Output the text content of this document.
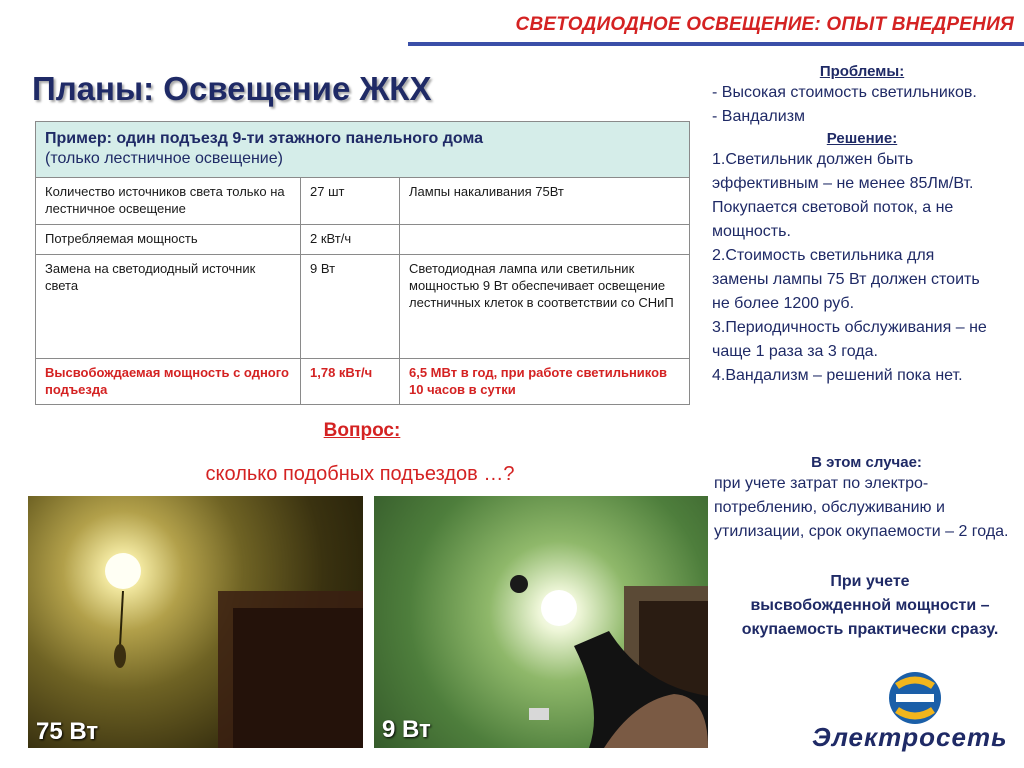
СВЕТОДИОДНОЕ ОСВЕЩЕНИЕ: ОПЫТ ВНЕДРЕНИЯ
Планы: Освещение ЖКХ
Пример: один подъезд 9-ти этажного панельного дома
(только лестничное освещение)		
Количество источников света только на лестничное освещение	27 шт	Лампы накаливания 75Вт
Потребляемая мощность	2 кВт/ч	
Замена на светодиодный источник света	9 Вт	Светодиодная лампа или светильник мощностью 9 Вт обеспечивает освещение лестничных клеток в соответствии со СНиП
Высвобождаемая мощность с одного подъезда	1,78 кВт/ч	6,5 МВт в год, при работе светильников 10 часов в сутки
Вопрос:
сколько подобных подъездов …?
75 Вт	9 Вт
Проблемы:
- Высокая стоимость светильников.
- Вандализм
Решение:
1.Светильник должен быть
эффективным – не менее 85Лм/Вт.
Покупается световой поток, а не
мощность.
2.Стоимость светильника для
замены лампы 75 Вт должен стоить
не более 1200 руб.
3.Периодичность обслуживания – не
чаще 1 раза за 3 года.
4.Вандализм – решений пока нет.
В этом случае:
при учете затрат по электро-
потреблению, обслуживанию и
утилизации, срок окупаемости – 2 года.
При учете
высвобожденной мощности –
окупаемость практически сразу.
Электросеть
